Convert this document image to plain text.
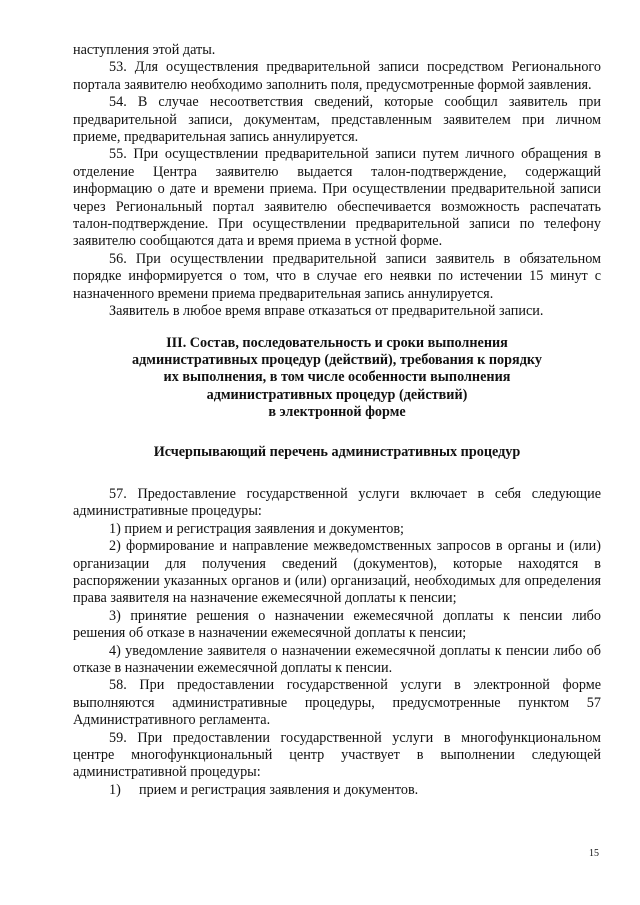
наступления этой даты.

53. Для осуществления предварительной записи посредством Регионального портала заявителю необходимо заполнить поля, предусмотренные формой заявления.

54. В случае несоответствия сведений, которые сообщил заявитель при предварительной записи, документам, представленным заявителем при личном приеме, предварительная запись аннулируется.

55. При осуществлении предварительной записи путем личного обращения в отделение Центра заявителю выдается талон-подтверждение, содержащий информацию о дате и времени приема. При осуществлении предварительной записи через Региональный портал заявителю обеспечивается возможность распечатать талон-подтверждение. При осуществлении предварительной записи по телефону заявителю сообщаются дата и время приема в устной форме.

56. При осуществлении предварительной записи заявитель в обязательном порядке информируется о том, что в случае его неявки по истечении 15 минут с назначенного времени приема предварительная запись аннулируется.

Заявитель в любое время вправе отказаться от предварительной записи.

III. Состав, последовательность и сроки выполнения
административных процедур (действий), требования к порядку
их выполнения, в том числе особенности выполнения
административных процедур (действий)
в электронной форме
Исчерпывающий перечень административных процедур

57. Предоставление государственной услуги включает в себя следующие административные процедуры:

1) прием и регистрация заявления и документов;

2) формирование и направление межведомственных запросов в органы и (или) организации для получения сведений (документов), которые находятся в распоряжении указанных органов и (или) организаций, необходимых для определения права заявителя на назначение ежемесячной доплаты к пенсии;

3) принятие решения о назначении ежемесячной доплаты к пенсии либо решения об отказе в назначении ежемесячной доплаты к пенсии;

4) уведомление заявителя о назначении ежемесячной доплаты к пенсии либо об отказе в назначении ежемесячной доплаты к пенсии.

58. При предоставлении государственной услуги в электронной форме выполняются административные процедуры, предусмотренные пунктом 57 Административного регламента.

59. При предоставлении государственной услуги в многофункциональном центре многофункциональный центр участвует в выполнении следующей административной процедуры:

1) прием и регистрация заявления и документов.

15
